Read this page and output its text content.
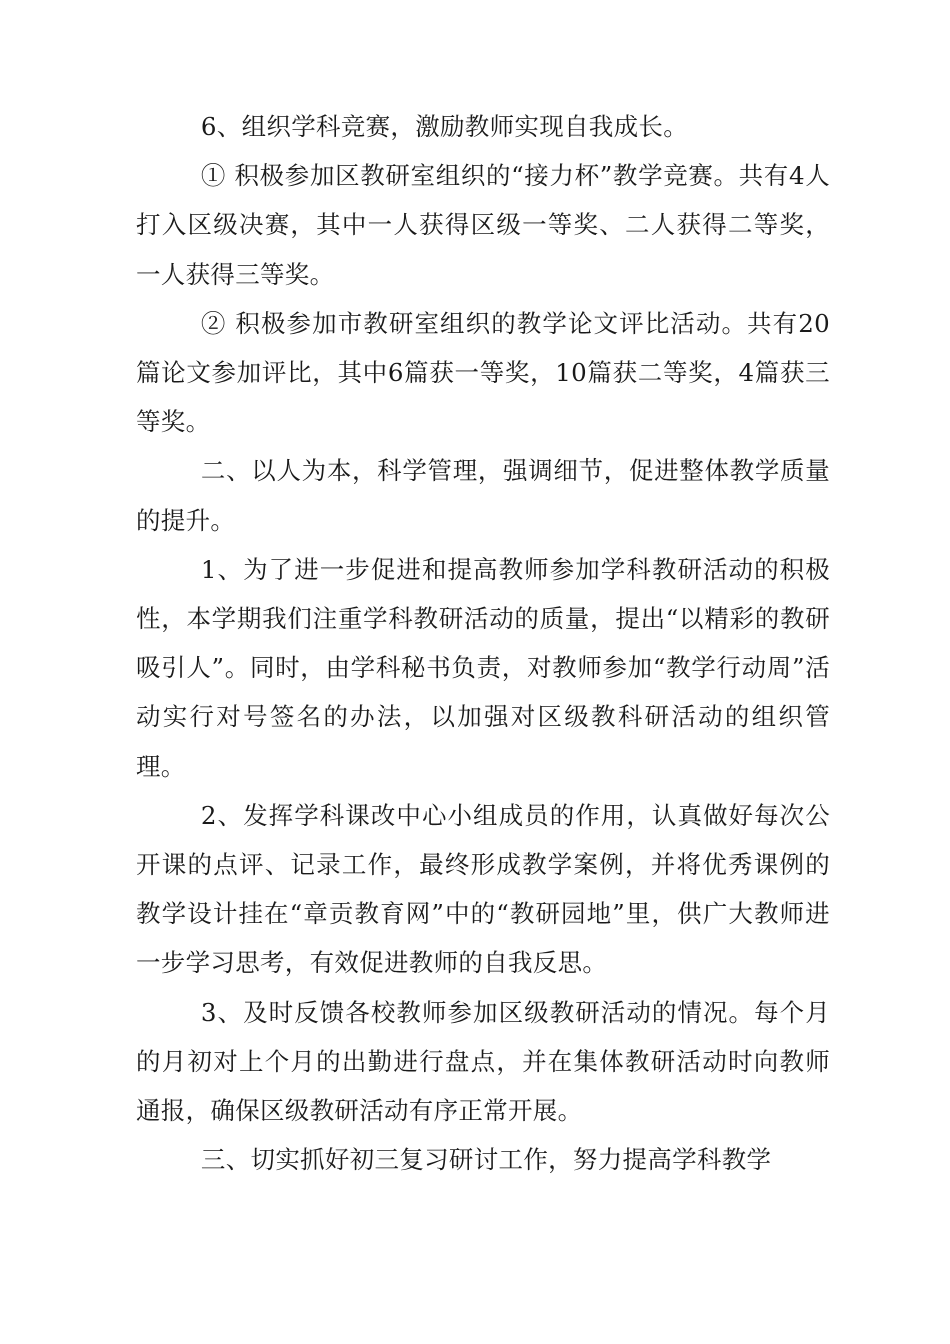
6、组织学科竞赛，激励教师实现自我成长。

① 积极参加区教研室组织的“接力杯”教学竞赛。共有4人打入区级决赛，其中一人获得区级一等奖、二人获得二等奖，一人获得三等奖。

② 积极参加市教研室组织的教学论文评比活动。共有20篇论文参加评比，其中6篇获一等奖，10篇获二等奖，4篇获三等奖。

二、以人为本，科学管理，强调细节，促进整体教学质量的提升。

1、为了进一步促进和提高教师参加学科教研活动的积极性，本学期我们注重学科教研活动的质量，提出“以精彩的教研吸引人”。同时，由学科秘书负责，对教师参加“教学行动周”活动实行对号签名的办法，以加强对区级教科研活动的组织管理。

2、发挥学科课改中心小组成员的作用，认真做好每次公开课的点评、记录工作，最终形成教学案例，并将优秀课例的教学设计挂在“章贡教育网”中的“教研园地”里，供广大教师进一步学习思考，有效促进教师的自我反思。

3、及时反馈各校教师参加区级教研活动的情况。每个月的月初对上个月的出勤进行盘点，并在集体教研活动时向教师通报，确保区级教研活动有序正常开展。

三、切实抓好初三复习研讨工作，努力提高学科教学
